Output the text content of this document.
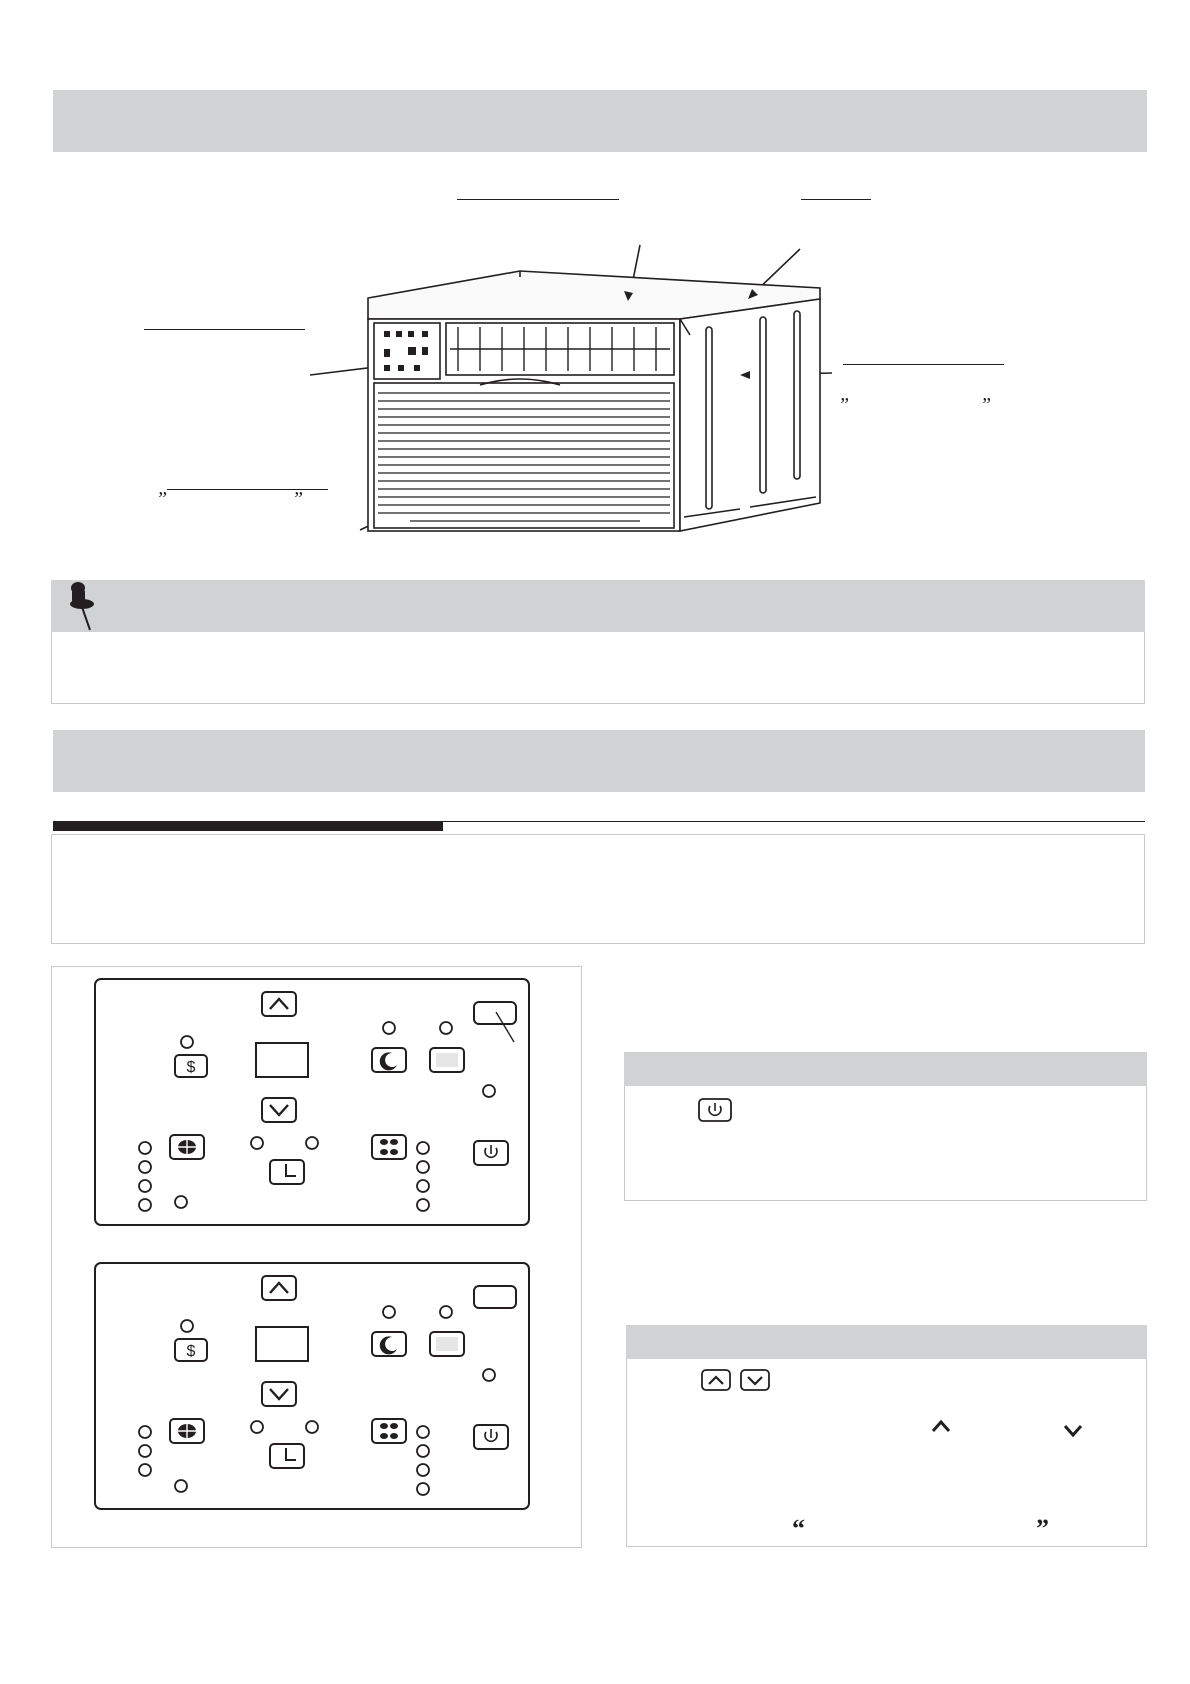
”	”
”	”
$
$
“	”
